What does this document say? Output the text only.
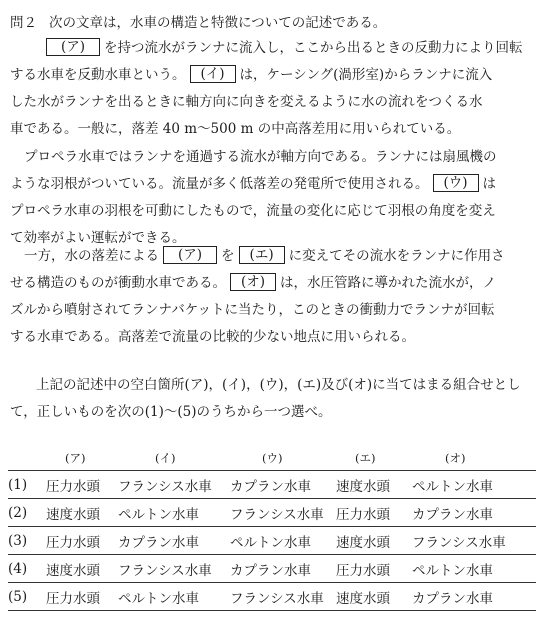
問２ 次の文章は，水車の構造と特徴についての記述である。
(ア) を持つ流水がランナに流入し，ここから出るときの反動力により回転
する水車を反動水車という。 (イ) は，ケーシング(渦形室)からランナに流入
した水がランナを出るときに軸方向に向きを変えるように水の流れをつくる水
車である。一般に，落差 40 m～500 m の中高落差用に用いられている。
プロペラ水車ではランナを通過する流水が軸方向である。ランナには扇風機の
ような羽根がついている。流量が多く低落差の発電所で使用される。 (ウ) は
プロペラ水車の羽根を可動にしたもので，流量の変化に応じて羽根の角度を変え
て効率がよい運転ができる。
一方，水の落差による (ア) を (エ) に変えてその流水をランナに作用さ
せる構造のものが衝動水車である。 (オ) は，水圧管路に導かれた流水が，ノ
ズルから噴射されてランナバケットに当たり，このときの衝動力でランナが回転
する水車である。高落差で流量の比較的少ない地点に用いられる。
上記の記述中の空白箇所(ア)，(イ)，(ウ)，(エ)及び(オ)に当てはまる組合せとし
て，正しいものを次の(1)～(5)のうちから一つ選べ。
(ア)	(イ)	(ウ)	(エ)	(オ)
(1)	圧力水頭	フランシス水車	カプラン水車	速度水頭	ペルトン水車
(2)	速度水頭	ペルトン水車	フランシス水車	圧力水頭	カプラン水車
(3)	圧力水頭	カプラン水車	ペルトン水車	速度水頭	フランシス水車
(4)	速度水頭	フランシス水車	カプラン水車	圧力水頭	ペルトン水車
(5)	圧力水頭	ペルトン水車	フランシス水車	速度水頭	カプラン水車
